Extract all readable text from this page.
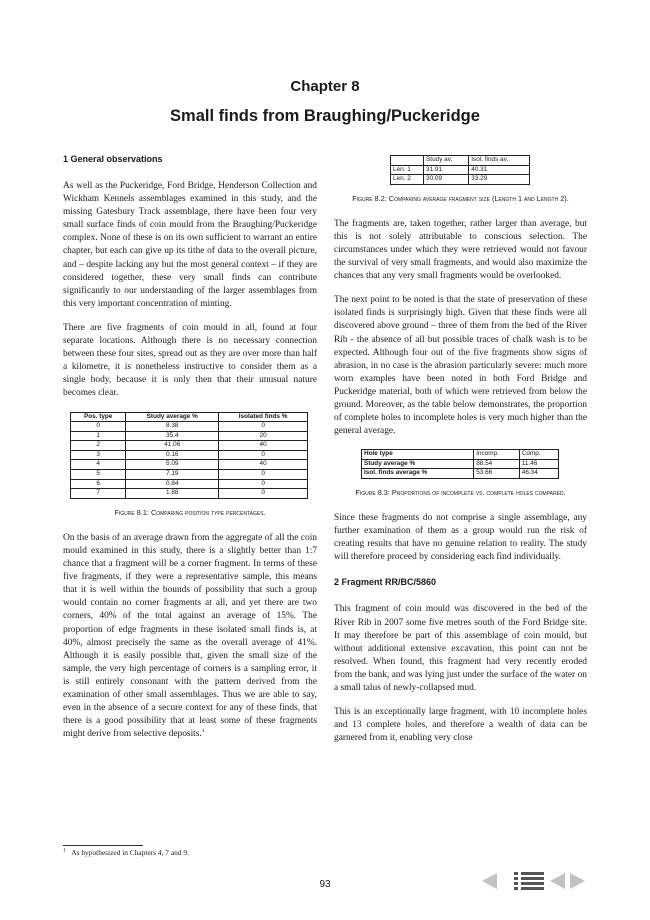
Chapter 8
Small finds from Braughing/Puckeridge
1 General observations

As well as the Puckeridge, Ford Bridge, Henderson Collection and Wickham Kennels assemblages examined in this study, and the missing Gatesbury Track assemblage, there have been four very small surface finds of coin mould from the Braughing/Puckeridge complex. None of these is on its own sufficient to warrant an entire chapter, but each can give up its tithe of data to the overall picture, and – despite lacking any but the most general context – if they are considered together, these very small finds can contribute significantly to our understanding of the larger assemblages from this very important concentration of minting.

There are five fragments of coin mould in all, found at four separate locations. Although there is no necessary connection between these four sites, spread out as they are over more than half a kilometre, it is nonetheless instructive to consider them as a single body, because it is only then that their unusual nature becomes clear.

Pos. type	Study average %	Isolated finds %
0	8.38	0
1	35.4	20
2	41.06	40
3	0.16	0
4	5.09	40
5	7.19	0
6	0.84	0
7	1.88	0
Figure 8.1: Comparing position type percentages.

On the basis of an average drawn from the aggregate of all the coin mould examined in this study, there is a slightly better than 1:7 chance that a fragment will be a corner fragment. In terms of these five fragments, if they were a representative sample, this means that it is well within the bounds of possibility that such a group would contain no corner fragments at all, and yet there are two corners, 40% of the total against an average of 15%. The proportion of edge fragments in these isolated small finds is, at 40%, almost precisely the same as the overall average of 41%. Although it is easily possible that, given the small size of the sample, the very high percentage of corners is a sampling error, it is still entirely consonant with the pattern derived from the examination of other small assemblages. Thus we are able to say, even in the absence of a secure context for any of these finds, that there is a good possibility that at least some of these fragments might derive from selective deposits.$^1$

	Study av.	Isol. finds av.
Len. 1	31.91	40.31
Len. 2	30.09	33.29
Figure 8.2: Comparing average fragment size (Length 1 and Length 2).

The fragments are, taken together, rather larger than average, but this is not solely attributable to conscious selection. The circumstances under which they were retrieved would not favour the survival of very small fragments, and would also maximize the chances that any very small fragments would be overlooked.

The next point to be noted is that the state of preservation of these isolated finds is surprisingly high. Given that these finds were all discovered above ground – three of them from the bed of the River Rib - the absence of all but possible traces of chalk wash is to be expected. Although four out of the five fragments show signs of abrasion, in no case is the abrasion particularly severe: much more worn examples have been noted in both Ford Bridge and Puckeridge material, both of which were retrieved from below the ground. Moreover, as the table below demonstrates, the proportion of complete holes to incomplete holes is very much higher than the general average.

Hole type	Incomp.	Comp.
Study average %	88.54	11.46
Isol. finds average %	53.66	46.34
Figure 8.3: Proportions of incomplete vs. complete holes compared.

Since these fragments do not comprise a single assemblage, any further examination of them as a group would run the risk of creating results that have no genuine relation to reality. The study will therefore proceed by considering each find individually.

2 Fragment RR/BC/5860

This fragment of coin mould was discovered in the bed of the River Rib in 2007 some five metres south of the Ford Bridge site. It may therefore be part of this assemblage of coin mould, but without additional extensive excavation, this point can not be resolved. When found, this fragment had very recently eroded from the bank, and was lying just under the surface of the water on a small talus of newly-collapsed mud.

This is an exceptionally large fragment, with 10 incomplete holes and 13 complete holes, and therefore a wealth of data can be garnered from it, enabling very close

$^1$ As hypothesized in Chapters 4, 7 and 9.
93
